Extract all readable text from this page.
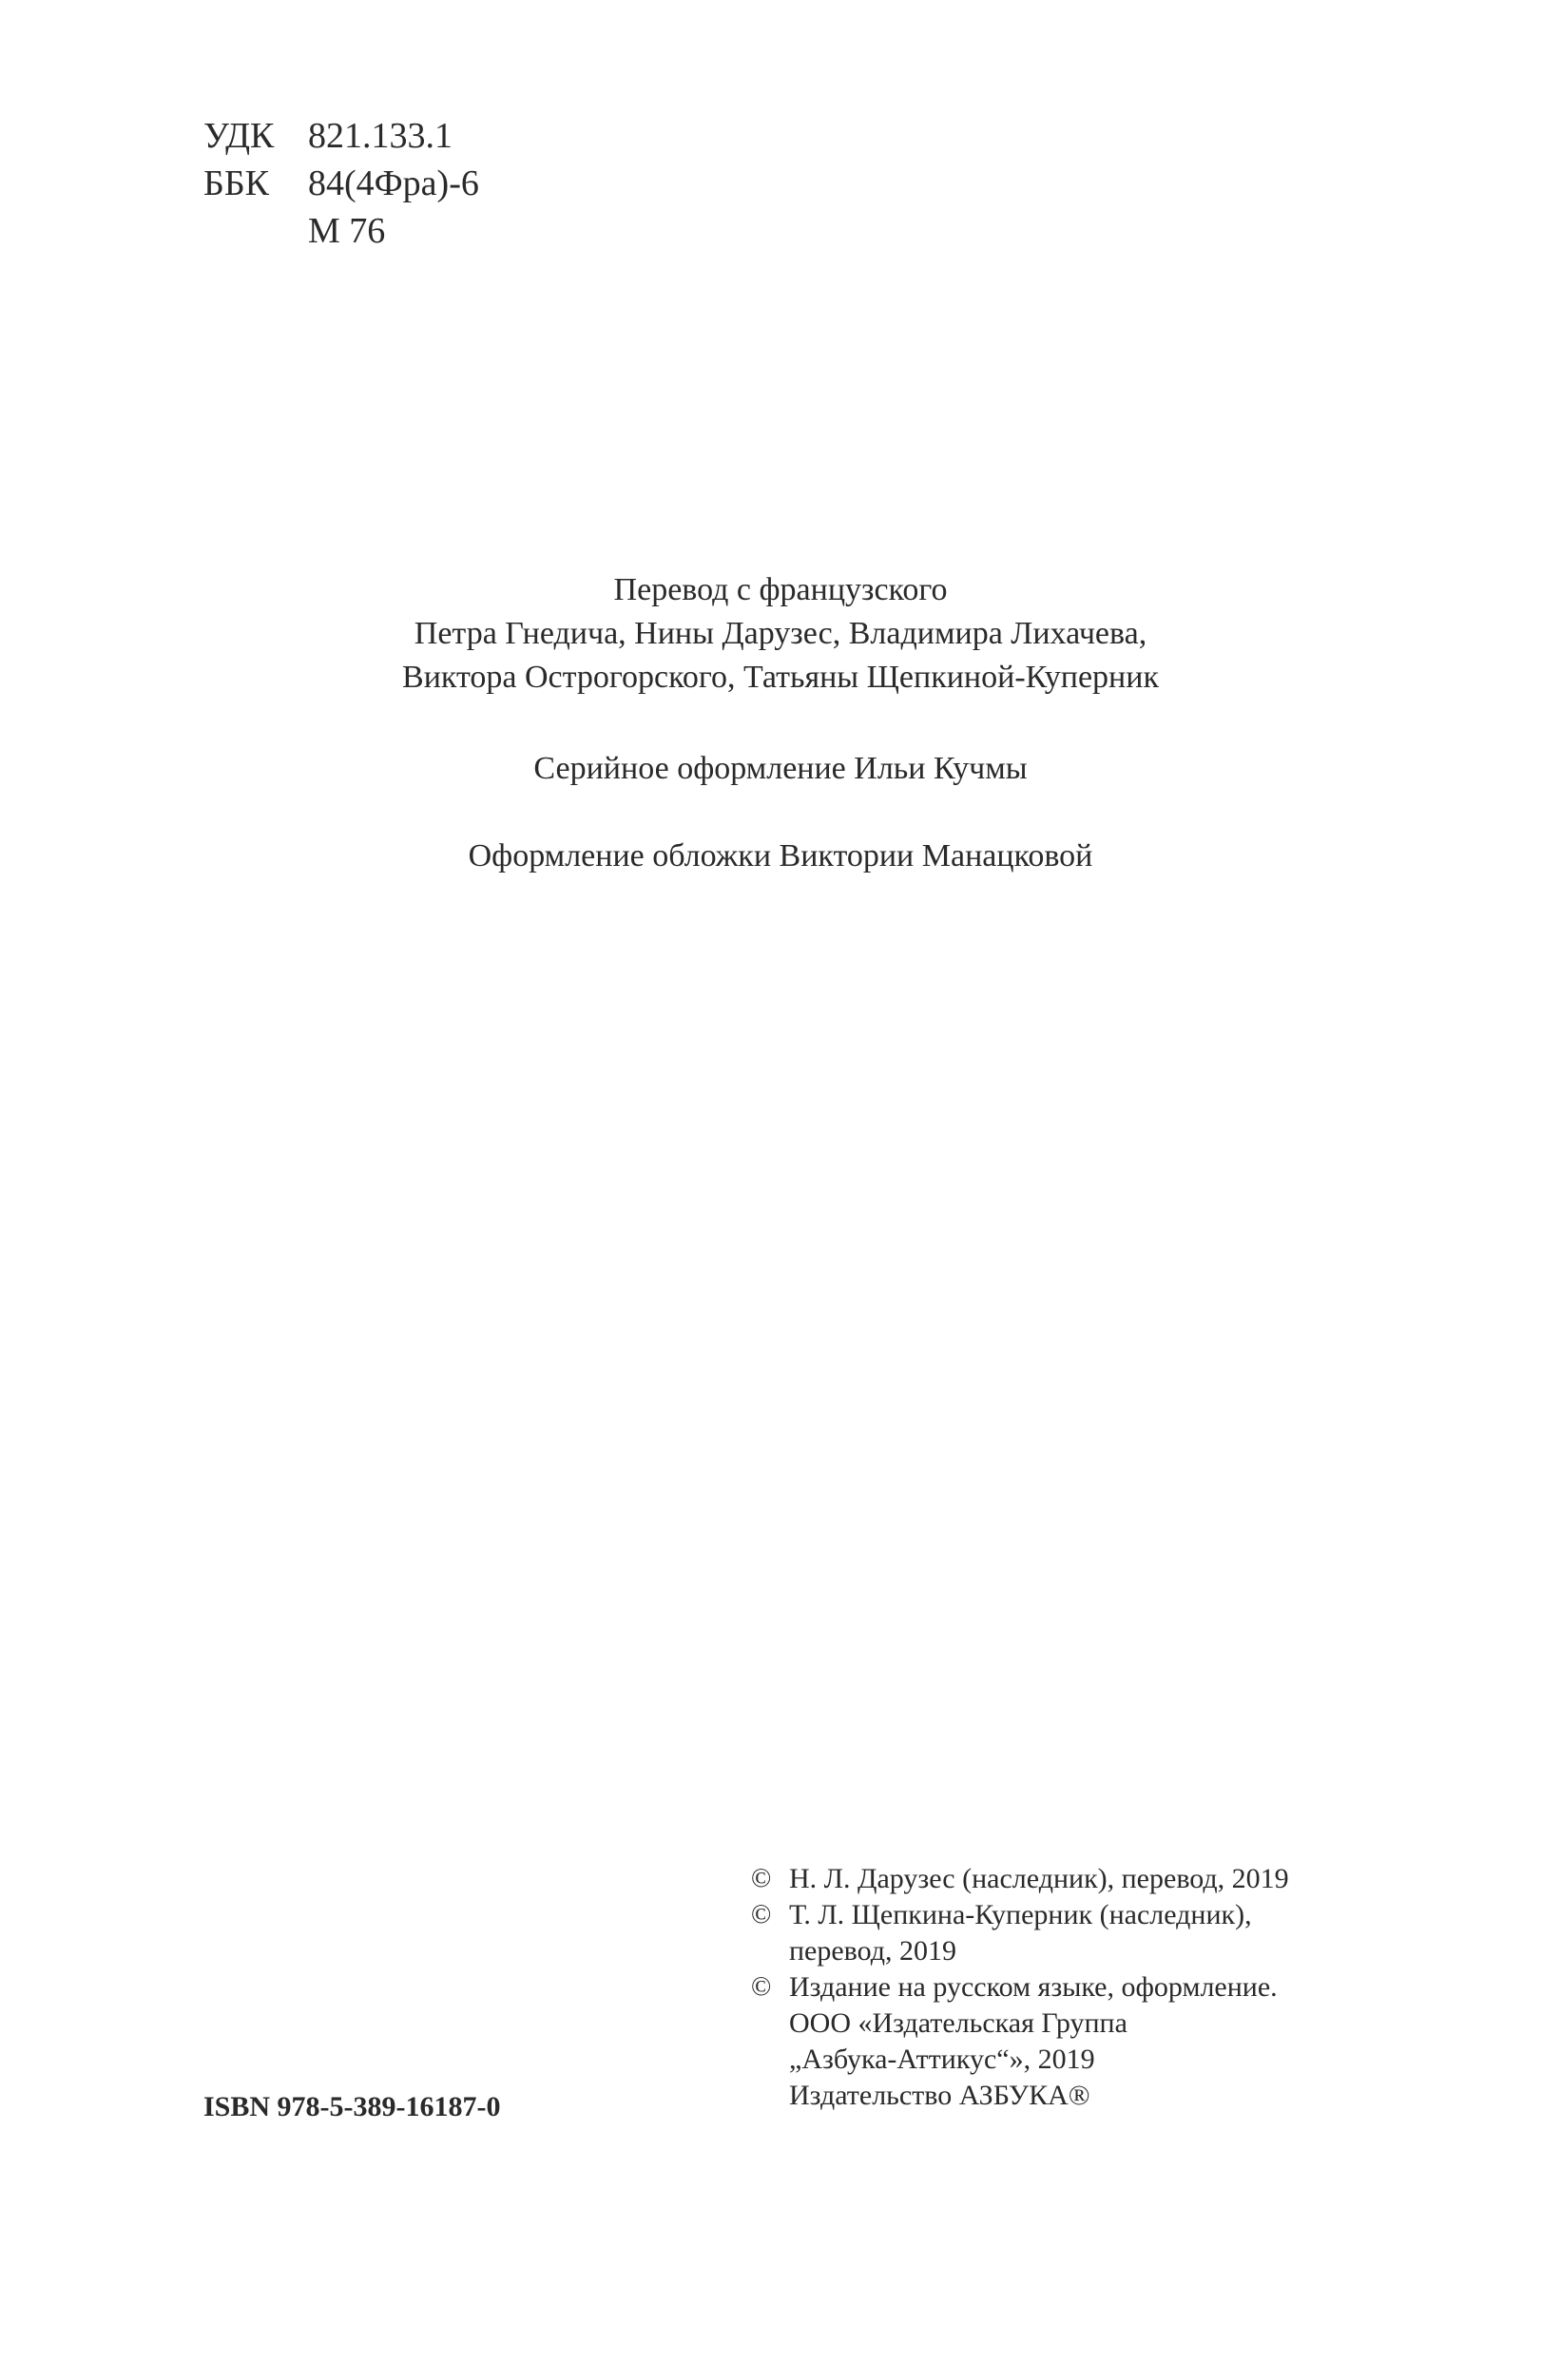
УДК 821.133.1
ББК	84(4Фра)-6
М 76
Перевод с французского
Петра Гнедича, Нины Дарузес, Владимира Лихачева,
Виктора Острогорского, Татьяны Щепкиной-Куперник
Серийное оформление Ильи Кучмы
Оформление обложки Виктории Манацковой
© Н. Л. Дарузес (наследник), перевод, 2019
© Т. Л. Щепкина-Куперник (наследник),
перевод, 2019
© Издание на русском языке, оформление.
ООО «Издательская Группа
„Азбука-Аттикус“», 2019
Издательство АЗБУКА®
ISBN 978-5-389-16187-0
